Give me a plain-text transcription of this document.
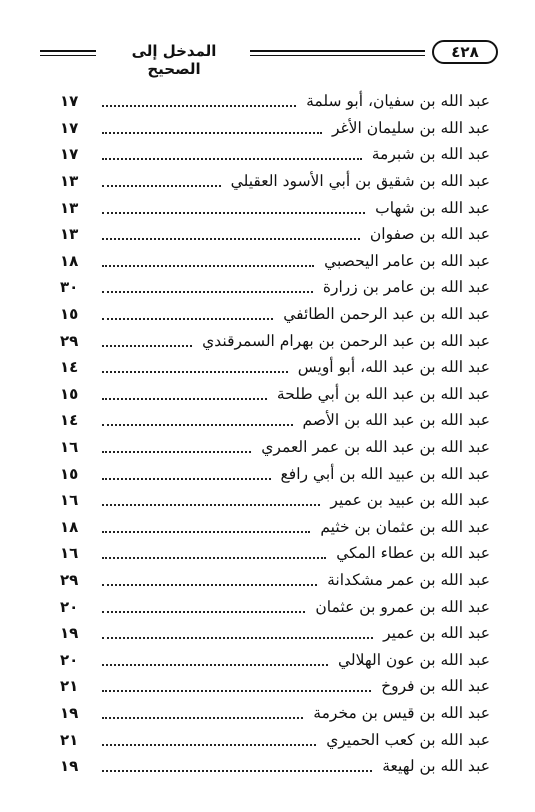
المدخل إلى الصحيح
٤٢٨
عبد الله بن سفيان، أبو سلمة
١٧
عبد الله بن سليمان الأغر
١٧
عبد الله بن شبرمة
١٧
عبد الله بن شقيق بن أبي الأسود العقيلي
١٣
عبد الله بن شهاب
١٣
عبد الله بن صفوان
١٣
عبد الله بن عامر اليحصبي
١٨
عبد الله بن عامر بن زرارة
٣٠
عبد الله بن عبد الرحمن الطائفي
١٥
عبد الله بن عبد الرحمن بن بهرام السمرقندي
٢٩
عبد الله بن عبد الله، أبو أويس
١٤
عبد الله بن عبد الله بن أبي طلحة
١٥
عبد الله بن عبد الله بن الأصم
١٤
عبد الله بن عبد الله بن عمر العمري
١٦
عبد الله بن عبيد الله بن أبي رافع
١٥
عبد الله بن عبيد بن عمير
١٦
عبد الله بن عثمان بن خثيم
١٨
عبد الله بن عطاء المكي
١٦
عبد الله بن عمر مشكدانة
٢٩
عبد الله بن عمرو بن عثمان
٢٠
عبد الله بن عمير
١٩
عبد الله بن عون الهلالي
٢٠
عبد الله بن فروخ
٢١
عبد الله بن قيس بن مخرمة
١٩
عبد الله بن كعب الحميري
٢١
عبد الله بن لهيعة
١٩
